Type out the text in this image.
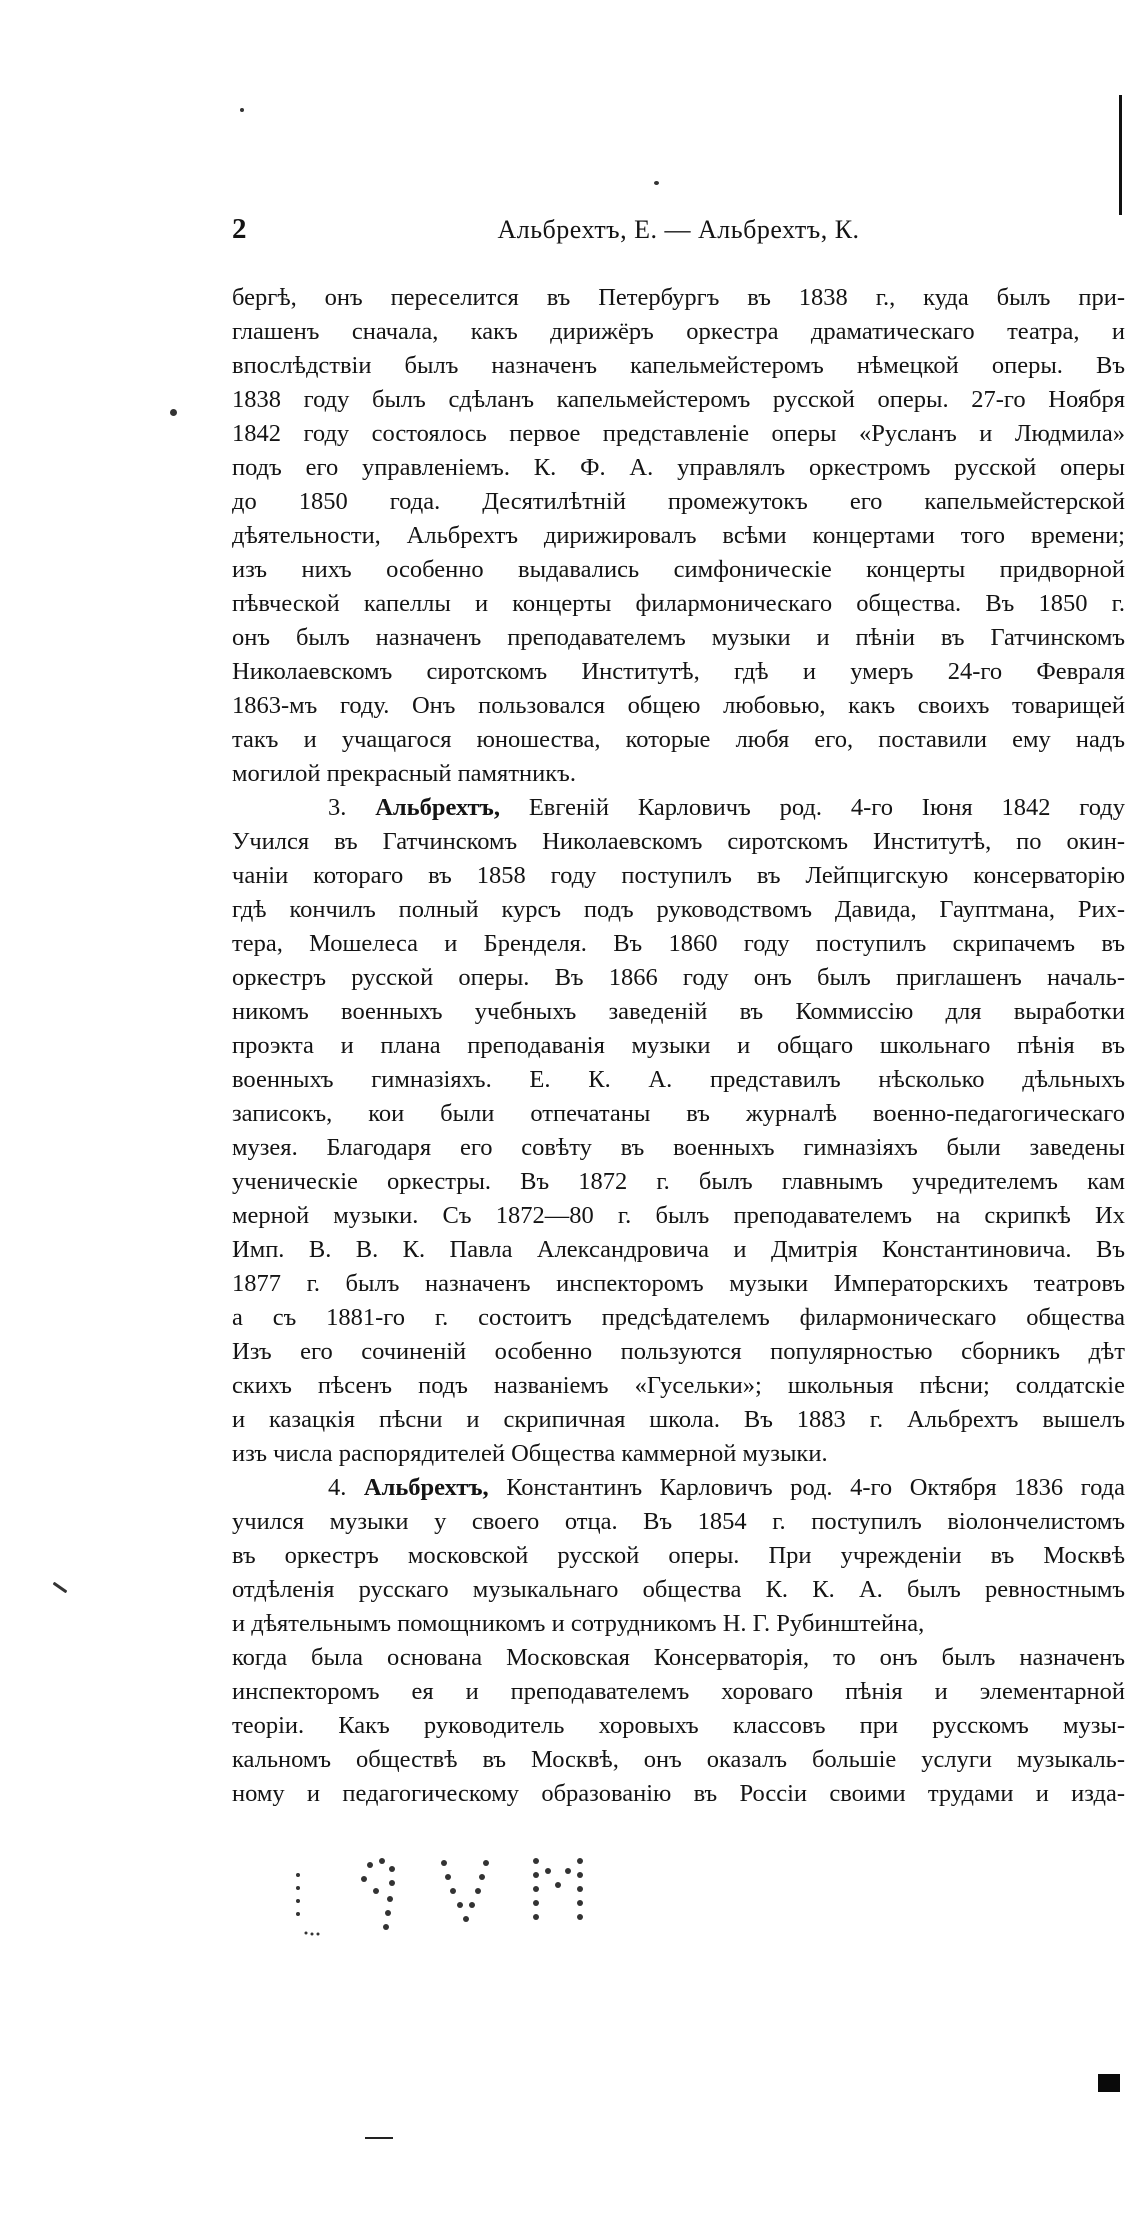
2	Альбрехтъ, Е. — Альбрехтъ, К.
бергѣ, онъ переселится въ Петербургъ въ 1838 г., куда былъ при-
глашенъ сначала, какъ дирижёръ оркестра драматическаго театра, и
впослѣдствіи былъ назначенъ капельмейстеромъ нѣмецкой оперы. Въ
1838 году былъ сдѣланъ капельмейстеромъ русской оперы. 27-го Ноября
1842 году состоялось первое представленіе оперы «Русланъ и Людмила»
подъ его управленіемъ. К. Ф. А. управлялъ оркестромъ русской оперы
до 1850 года. Десятилѣтній промежутокъ его капельмейстерской
дѣятельности, Альбрехтъ дирижировалъ всѣми концертами того времени;
изъ нихъ особенно выдавались симфоническіе концерты придворной
пѣвческой капеллы и концерты филармоническаго общества. Въ 1850 г.
онъ былъ назначенъ преподавателемъ музыки и пѣніи въ Гатчинскомъ
Николаевскомъ сиротскомъ Институтѣ, гдѣ и умеръ 24-го Февраля
1863-мъ году. Онъ пользовался общею любовью, какъ своихъ товарищей
такъ и учащагося юношества, которые любя его, поставили ему надъ
могилой прекрасный памятникъ.
3. Альбрехтъ, Евгеній Карловичъ род. 4-го Іюня 1842 году
Учился въ Гатчинскомъ Николаевскомъ сиротскомъ Институтѣ, по окин-
чаніи котораго въ 1858 году поступилъ въ Лейпцигскую консерваторію
гдѣ кончилъ полный курсъ подъ руководствомъ Давида, Гауптмана, Рих-
тера, Мошелеса и Бренделя. Въ 1860 году поступилъ скрипачемъ въ
оркестръ русской оперы. Въ 1866 году онъ былъ приглашенъ началь-
никомъ военныхъ учебныхъ заведеній въ Коммиссію для выработки
проэкта и плана преподаванія музыки и общаго школьнаго пѣнія въ
военныхъ гимназіяхъ. Е. К. А. представилъ нѣсколько дѣльныхъ
записокъ, кои были отпечатаны въ журналѣ военно-педагогическаго
музея. Благодаря его совѣту въ военныхъ гимназіяхъ были заведены
ученическіе оркестры. Въ 1872 г. былъ главнымъ учредителемъ кам
мерной музыки. Съ 1872—80 г. былъ преподавателемъ на скрипкѣ Их
Имп. В. В. К. Павла Александровича и Дмитрія Константиновича. Въ
1877 г. былъ назначенъ инспекторомъ музыки Императорскихъ театровъ
а съ 1881-го г. состоитъ предсѣдателемъ филармоническаго общества
Изъ его сочиненій особенно пользуются популярностью сборникъ дѣт
скихъ пѣсенъ подъ названіемъ «Гусельки»; школьныя пѣсни; солдатскіе
и казацкія пѣсни и скрипичная школа. Въ 1883 г. Альбрехтъ вышелъ
изъ числа распорядителей Общества каммерной музыки.
4. Альбрехтъ, Константинъ Карловичъ род. 4-го Октября 1836 года
учился музыки у своего отца. Въ 1854 г. поступилъ віолончелистомъ
въ оркестръ московской русской оперы. При учрежденіи въ Москвѣ
отдѣленія русскаго музыкальнаго общества К. К. А. былъ ревностнымъ
и дѣятельнымъ помощникомъ и сотрудникомъ Н. Г. Рубинштейна,
когда была основана Московская Консерваторія, то онъ былъ назначенъ
инспекторомъ ея и преподавателемъ хороваго пѣнія и элементарной
теоріи. Какъ руководитель хоровыхъ классовъ при русскомъ музы-
кальномъ обществѣ въ Москвѣ, онъ оказалъ большіе услуги музыкаль-
ному и педагогическому образованію въ Россіи своими трудами и изда-
